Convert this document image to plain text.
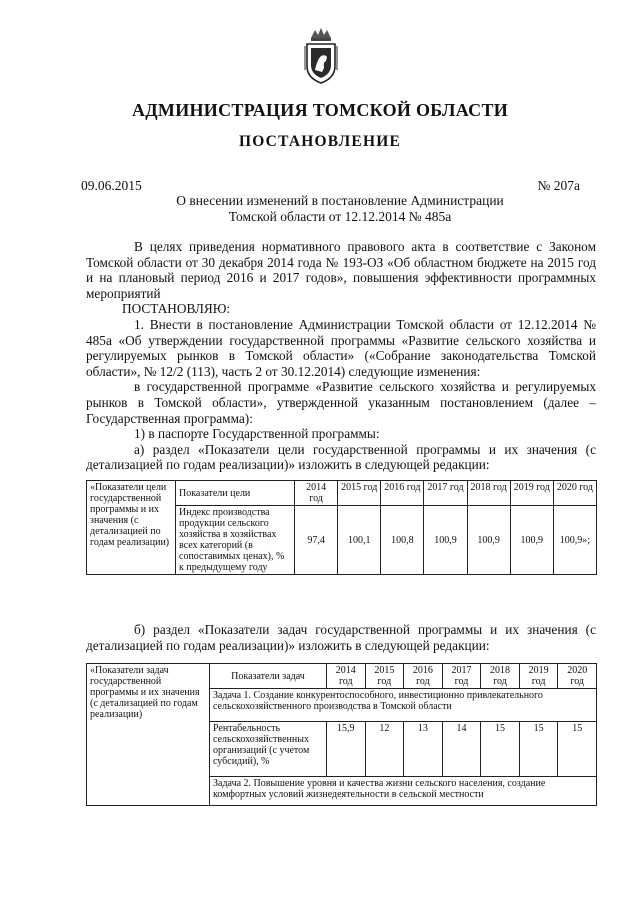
АДМИНИСТРАЦИЯ ТОМСКОЙ ОБЛАСТИ
ПОСТАНОВЛЕНИЕ
09.06.2015	№ 207а
О внесении изменений в постановление Администрации
Томской области от 12.12.2014 № 485а

В целях приведения нормативного правового акта в соответствие с Законом Томской области от 30 декабря 2014 года № 193-ОЗ «Об областном бюджете на 2015 год и на плановый период 2016 и 2017 годов», повышения эффективности программных мероприятий

ПОСТАНОВЛЯЮ:

1. Внести в постановление Администрации Томской области от 12.12.2014 № 485а «Об утверждении государственной программы «Развитие сельского хозяйства и регулируемых рынков в Томской области» («Собрание законодательства Томской области», № 12/2 (113), часть 2 от 30.12.2014) следующие изменения:

в государственной программе «Развитие сельского хозяйства и регулируемых рынков в Томской области», утвержденной указанным постановлением (далее – Государственная программа):

1) в паспорте Государственной программы:

а) раздел «Показатели цели государственной программы и их значения (с детализацией по годам реализации)» изложить в следующей редакции:

«Показатели цели государственной программы и их значения (с детализацией по годам реализации)	Показатели цели	2014 год	2015 год	2016 год	2017 год	2018 год	2019 год	2020 год
	Индекс производства продукции сельского хозяйства в хозяйствах всех категорий (в сопоставимых ценах), % к предыдущему году	97,4	100,1	100,8	100,9	100,9	100,9	100,9»;

б) раздел «Показатели задач государственной программы и их значения (с детализацией по годам реализации)» изложить в следующей редакции:

«Показатели задач государственной программы и их значения (с детализацией по годам реализации)	Показатели задач	2014 год	2015 год	2016 год	2017 год	2018 год	2019 год	2020 год
	Задача 1. Создание конкурентоспособного, инвестиционно привлекательного сельскохозяйственного производства в Томской области							
	Рентабельность сельскохозяйственных организаций (с учетом субсидий), %	15,9	12	13	14	15	15	15
	Задача 2. Повышение уровня и качества жизни сельского населения, создание комфортных условий жизнедеятельности в сельской местности							
